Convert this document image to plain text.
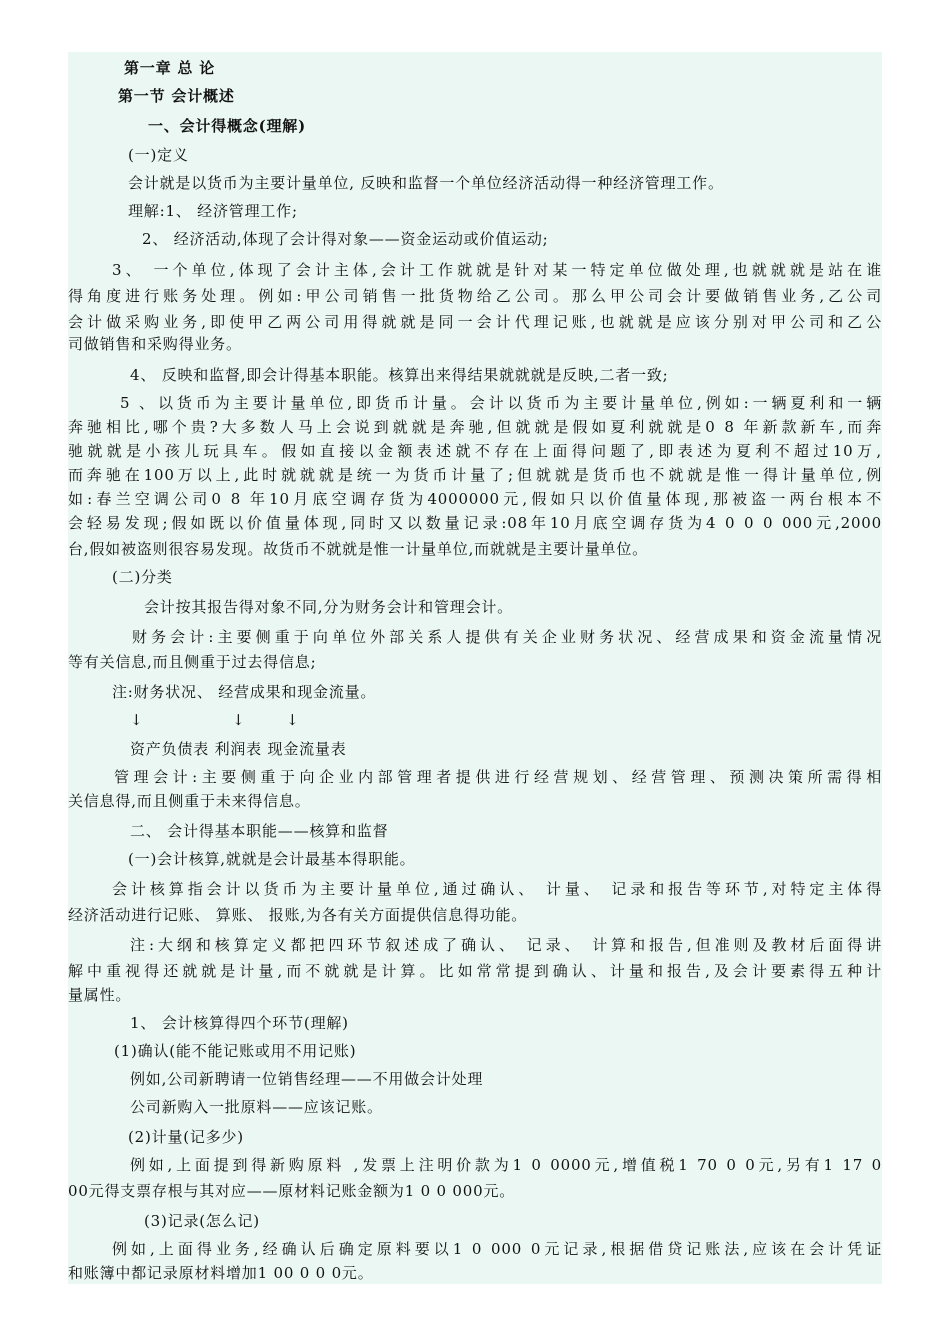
第一章 总 论

第一节 会计概述

一、会计得概念(理解)

(一)定义

会计就是以货币为主要计量单位, 反映和监督一个单位经济活动得一种经济管理工作。

理解:1、 经济管理工作;

2、 经济活动,体现了会计得对象——资金运动或价值运动;

3、 一个单位,体现了会计主体,会计工作就就是针对某一特定单位做处理,也就就就是站在谁

得角度进行账务处理。例如:甲公司销售一批货物给乙公司。那么甲公司会计要做销售业务,乙公司

会计做采购业务,即使甲乙两公司用得就就是同一会计代理记账,也就就是应该分别对甲公司和乙公

司做销售和采购得业务。

4、 反映和监督,即会计得基本职能。核算出来得结果就就就是反映,二者一致;

5 、以货币为主要计量单位,即货币计量。会计以货币为主要计量单位,例如:一辆夏利和一辆

奔驰相比,哪个贵?大多数人马上会说到就就是奔驰,但就就是假如夏利就就是0 8 年新款新车,而奔

驰就就是小孩儿玩具车。假如直接以金额表述就不存在上面得问题了,即表述为夏利不超过10万,

而奔驰在100万以上,此时就就就是统一为货币计量了;但就就是货币也不就就是惟一得计量单位,例

如:春兰空调公司0 8 年10月底空调存货为4000000元,假如只以价值量体现,那被盗一两台根本不

会轻易发现;假如既以价值量体现,同时又以数量记录:08年10月底空调存货为4 0 0 0 000元,2000

台,假如被盗则很容易发现。故货币不就就是惟一计量单位,而就就是主要计量单位。

(二)分类

会计按其报告得对象不同,分为财务会计和管理会计。

财务会计:主要侧重于向单位外部关系人提供有关企业财务状况、经营成果和资金流量情况

等有关信息,而且侧重于过去得信息;

注:财务状况、 经营成果和现金流量。

↓	↓	↓

资产负债表 利润表 现金流量表

管理会计:主要侧重于向企业内部管理者提供进行经营规划、经营管理、预测决策所需得相

关信息得,而且侧重于未来得信息。

二、 会计得基本职能——核算和监督

(一)会计核算,就就是会计最基本得职能。

会计核算指会计以货币为主要计量单位,通过确认、 计量、 记录和报告等环节,对特定主体得

经济活动进行记账、 算账、 报账,为各有关方面提供信息得功能。

注:大纲和核算定义都把四环节叙述成了确认、 记录、 计算和报告,但准则及教材后面得讲

解中重视得还就就是计量,而不就就是计算。比如常常提到确认、计量和报告,及会计要素得五种计

量属性。

1、 会计核算得四个环节(理解)

(1)确认(能不能记账或用不用记账)

例如,公司新聘请一位销售经理——不用做会计处理

公司新购入一批原料——应该记账。

(2)计量(记多少)

例如,上面提到得新购原料 ,发票上注明价款为1 0 0000元,增值税1 70 0 0元,另有1 17 0

00元得支票存根与其对应——原材料记账金额为1 0 0 000元。

(3)记录(怎么记)

例如,上面得业务,经确认后确定原料要以1 0 000 0元记录,根据借贷记账法,应该在会计凭证

和账簿中都记录原材料增加1 00 0 0 0元。
